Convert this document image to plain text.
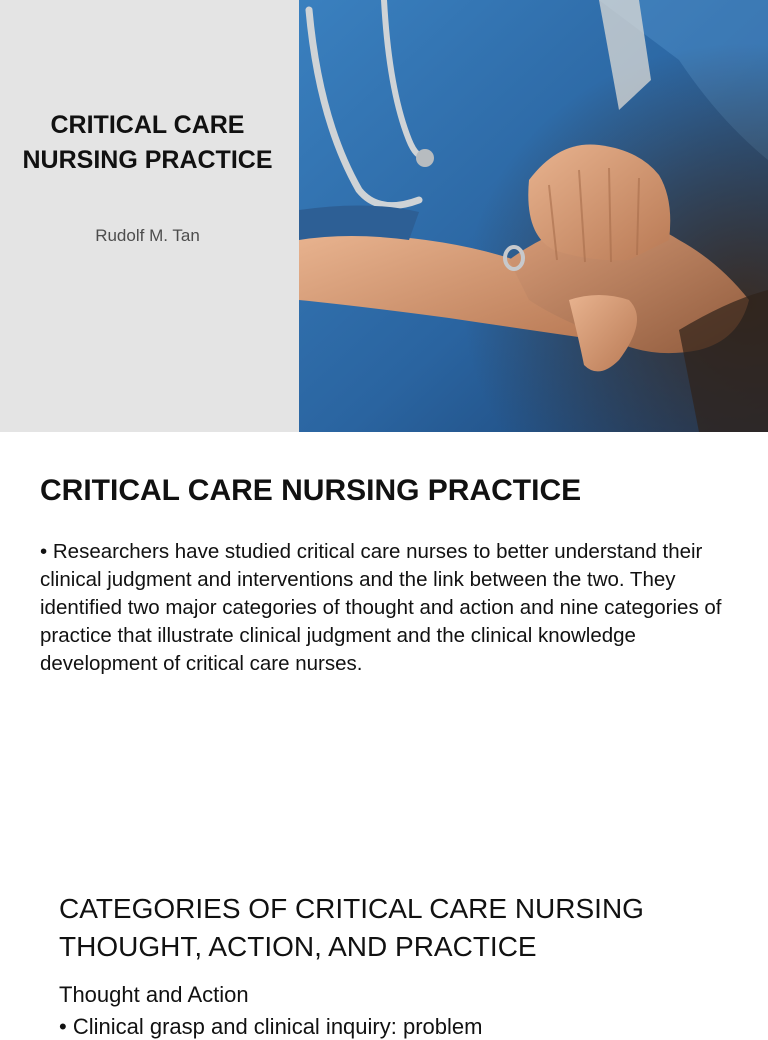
CRITICAL CARE NURSING PRACTICE
Rudolf M. Tan
CRITICAL CARE NURSING PRACTICE
• Researchers have studied critical care nurses to better understand their clinical judgment and interventions and the link between the two. They identified two major categories of thought and action and nine categories of practice that illustrate clinical judgment and the clinical knowledge development of critical care nurses.
CATEGORIES OF CRITICAL CARE NURSING THOUGHT, ACTION, AND PRACTICE
Thought and Action
• Clinical grasp and clinical inquiry: problem
